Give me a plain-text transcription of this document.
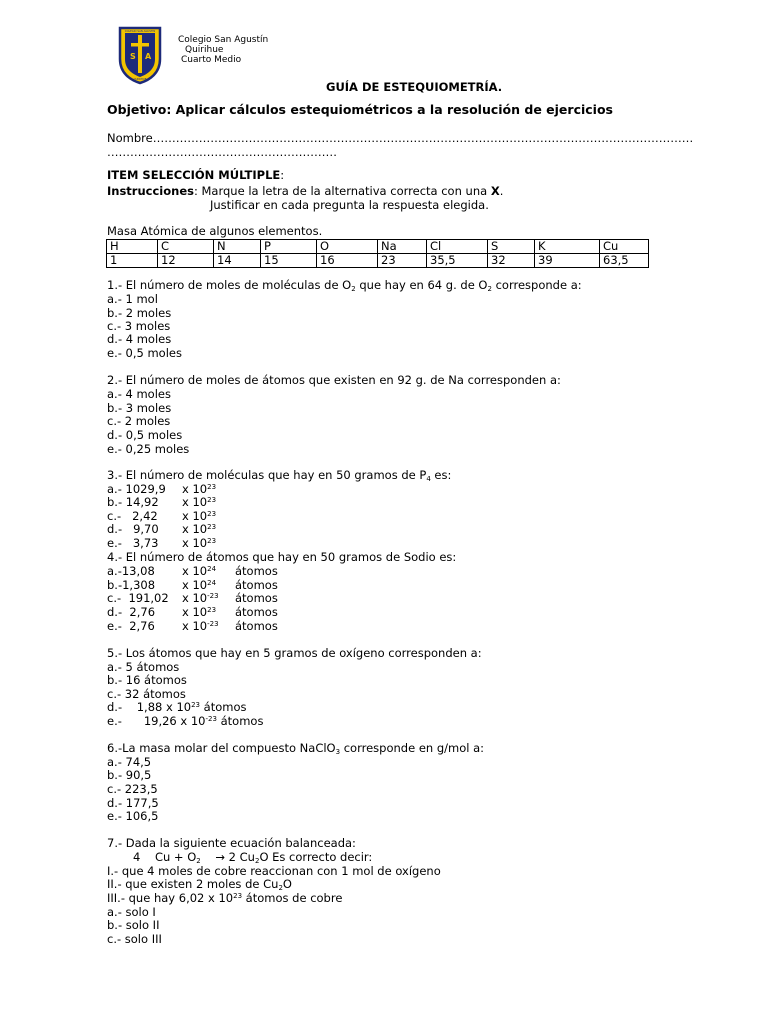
S A
COLEGIO SAN AGUSTIN
QUIRIHUE
Colegio San Agustín
Quirihue
Cuarto Medio
GUÍA DE ESTEQUIOMETRÍA.
Objetivo: Aplicar cálculos estequiométricos a la resolución de ejercicios
Nombre……………………………………………………………………………………………………………………………
……………………………………………………
ITEM SELECCIÓN MÚLTIPLE:
Instrucciones: Marque la letra de la alternativa correcta con una X.
Justificar en cada pregunta la respuesta elegida.
Masa Atómica de algunos elementos.
H	C	N	P	O	Na	Cl	S	K	Cu
1	12	14	15	16	23	35,5	32	39	63,5
1.- El número de moles de moléculas de $O_2$ que hay en 64 g. de $O_2$ corresponde a:
a.- 1 mol
b.- 2 moles
c.- 3 moles
d.- 4 moles
e.- 0,5 moles
2.- El número de moles de átomos que existen en 92 g. de Na corresponden a:
a.- 4 moles
b.- 3 moles
c.- 2 moles
d.- 0,5 moles
e.- 0,25 moles
3.- El número de moléculas que hay en 50 gramos de $P_4$ es:
a.- 1029,9 x $10^{23}$
b.- 14,92 x $10^{23}$
c.- 2,42 x $10^{23}$
d.- 9,70 x $10^{23}$
e.- 3,73 x $10^{23}$
4.- El número de átomos que hay en 50 gramos de Sodio es:
a.-13,08 x $10^{24}$ átomos
b.-1,308 x $10^{24}$ átomos
c.- 191,02 x $10^{-23}$ átomos
d.- 2,76 x $10^{23}$ átomos
e.- 2,76 x $10^{-23}$ átomos
5.- Los átomos que hay en 5 gramos de oxígeno corresponden a:
a.- 5 átomos
b.- 16 átomos
c.- 32 átomos
d.- 1,88 x $10^{23}$ átomos
e.- 19,26 x $10^{-23}$ átomos
6.-La masa molar del compuesto NaClO$_3$ corresponde en g/mol a:
a.- 74,5
b.- 90,5
c.- 223,5
d.- 177,5
e.- 106,5
7.- Dada la siguiente ecuación balanceada:
4 $Cu + O_2 \to 2$ $Cu_2O$ Es correcto decir:
I.- que 4 moles de cobre reaccionan con 1 mol de oxígeno
II.- que existen 2 moles de $Cu_2O$
III.- que hay 6,02 x $10^{23}$ átomos de cobre
a.- solo I
b.- solo II
c.- solo III
